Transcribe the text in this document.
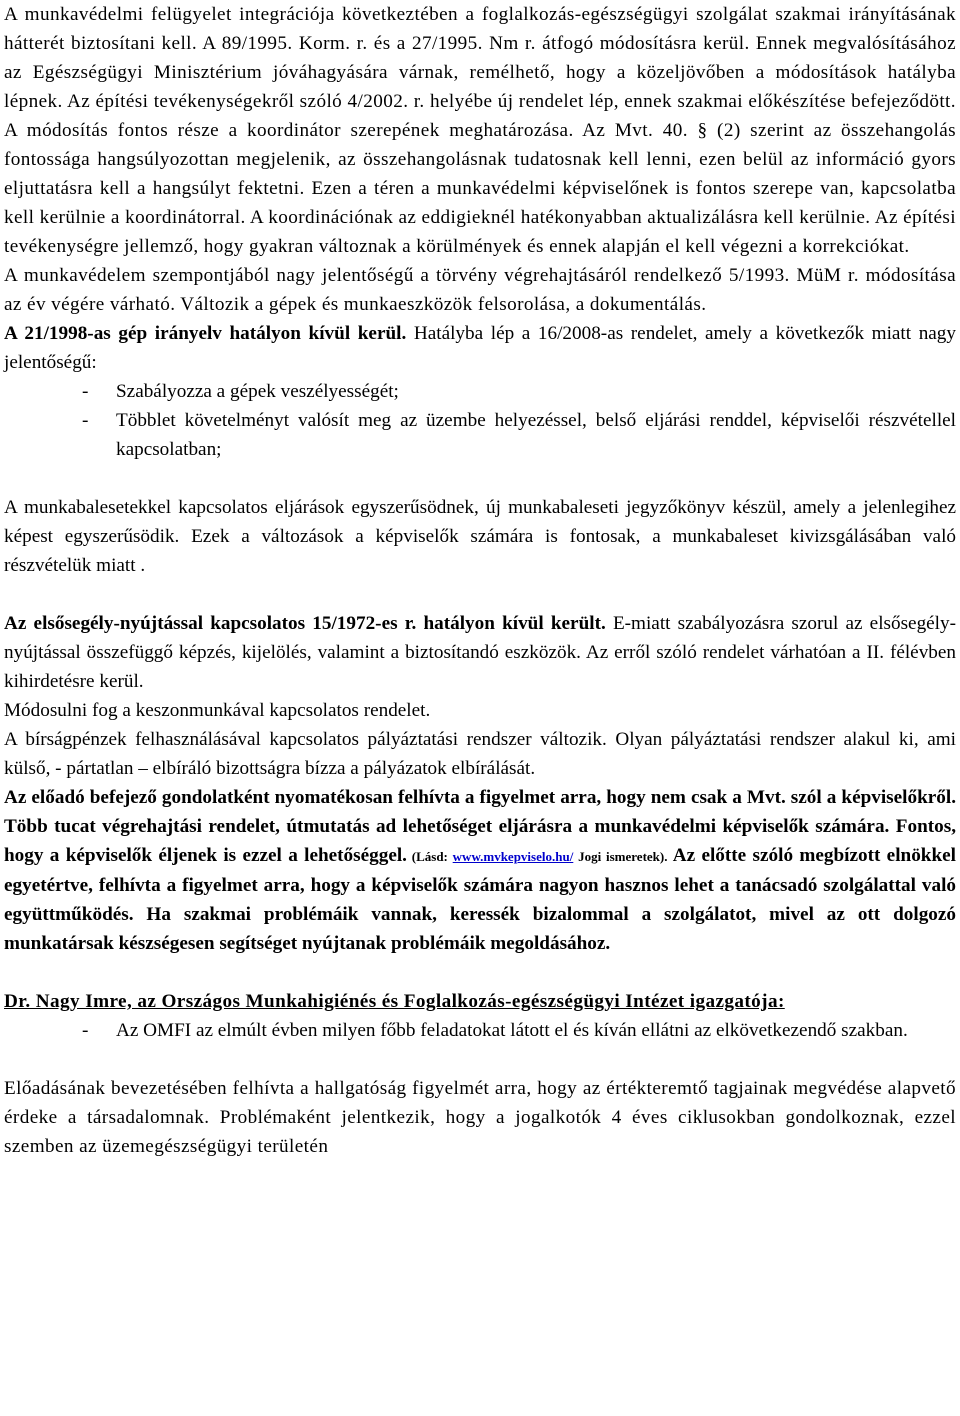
A munkavédelmi felügyelet integrációja következtében a foglalkozás-egészségügyi szolgálat szakmai irányításának hátterét biztosítani kell. A 89/1995. Korm. r. és a 27/1995. Nm r. átfogó módosításra kerül. Ennek megvalósításához az Egészségügyi Minisztérium jóváhagyására várnak, remélhető, hogy a közeljövőben a módosítások hatályba lépnek. Az építési tevékenységekről szóló 4/2002. r. helyébe új rendelet lép, ennek szakmai előkészítése befejeződött. A módosítás fontos része a koordinátor szerepének meghatározása. Az Mvt. 40. § (2) szerint az összehangolás fontossága hangsúlyozottan megjelenik, az összehangolásnak tudatosnak kell lenni, ezen belül az információ gyors eljuttatásra kell a hangsúlyt fektetni. Ezen a téren a munkavédelmi képviselőnek is fontos szerepe van, kapcsolatba kell kerülnie a koordinátorral. A koordinációnak az eddigieknél hatékonyabban aktualizálásra kell kerülnie. Az építési tevékenységre jellemző, hogy gyakran változnak a körülmények és ennek alapján el kell végezni a korrekciókat.

A munkavédelem szempontjából nagy jelentőségű a törvény végrehajtásáról rendelkező 5/1993. MüM r. módosítása az év végére várható. Változik a gépek és munkaeszközök felsorolása, a dokumentálás.

A 21/1998-as gép irányelv hatályon kívül kerül. Hatályba lép a 16/2008-as rendelet, amely a következők miatt nagy jelentőségű:

- Szabályozza a gépek veszélyességét;
- Többlet követelményt valósít meg az üzembe helyezéssel, belső eljárási renddel, képviselői részvétellel kapcsolatban;

A munkabalesetekkel kapcsolatos eljárások egyszerűsödnek, új munkabaleseti jegyzőkönyv készül, amely a jelenlegihez képest egyszerűsödik. Ezek a változások a képviselők számára is fontosak, a munkabaleset kivizsgálásában való részvételük miatt .

Az elsősegély-nyújtással kapcsolatos 15/1972-es r. hatályon kívül került. E-miatt szabályozásra szorul az elsősegély-nyújtással összefüggő képzés, kijelölés, valamint a biztosítandó eszközök. Az erről szóló rendelet várhatóan a II. félévben kihirdetésre kerül.

Módosulni fog a keszonmunkával kapcsolatos rendelet.

A bírságpénzek felhasználásával kapcsolatos pályáztatási rendszer változik. Olyan pályáztatási rendszer alakul ki, ami külső, - pártatlan – elbíráló bizottságra bízza a pályázatok elbírálását.

Az előadó befejező gondolatként nyomatékosan felhívta a figyelmet arra, hogy nem csak a Mvt. szól a képviselőkről. Több tucat végrehajtási rendelet, útmutatás ad lehetőséget eljárásra a munkavédelmi képviselők számára. Fontos, hogy a képviselők éljenek is ezzel a lehetőséggel. (Lásd: www.mvkepviselo.hu/ Jogi ismeretek). Az előtte szóló megbízott elnökkel egyetértve, felhívta a figyelmet arra, hogy a képviselők számára nagyon hasznos lehet a tanácsadó szolgálattal való együttműködés. Ha szakmai problémáik vannak, keressék bizalommal a szolgálatot, mivel az ott dolgozó munkatársak készségesen segítséget nyújtanak problémáik megoldásához.

Dr. Nagy Imre, az Országos Munkahigiénés és Foglalkozás-egészségügyi Intézet igazgatója:

- Az OMFI az elmúlt évben milyen főbb feladatokat látott el és kíván ellátni az elkövetkezendő szakban.

Előadásának bevezetésében felhívta a hallgatóság figyelmét arra, hogy az értékteremtő tagjainak megvédése alapvető érdeke a társadalomnak. Problémaként jelentkezik, hogy a jogalkotók 4 éves ciklusokban gondolkoznak, ezzel szemben az üzemegészségügyi területén
